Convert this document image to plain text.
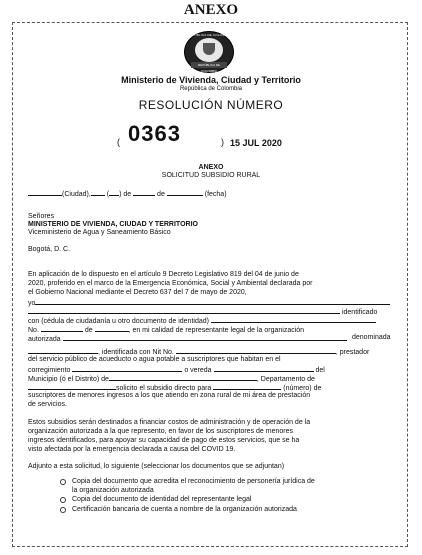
ANEXO
REPÚBLICA DE COLOMBIA
REPÚBLICA DE COLOMBIA
Ministerio de Vivienda, Ciudad y Territorio
República de Colombia
RESOLUCIÓN NÚMERO
( 0363	) 15 JUL 2020
ANEXO
SOLICITUD SUBSIDIO RURAL
(Ciudad), ( ) de	de	(fecha)
Señores
MINISTERIO DE VIVIENDA, CIUDAD Y TERRITORIO
Viceministerio de Agua y Saneamiento Básico
Bogotá, D. C.
En aplicación de lo dispuesto en el artículo 9 Decreto Legislativo 819 del 04 de junio de
2020, proferido en el marco de la Emergencia Económica, Social y Ambiental declarada por
el Gobierno Nacional mediante el Decreto 637 del 7 de mayo de 2020,
yo
identificado
con (cédula de ciudadanía u otro documento de identidad)
No.	de	, en mi calidad de representante legal de la organización
autorizada	denominada
, identificada con Nit No.	, prestador
del servicio público de acueducto o agua potable a suscriptores que habitan en el
corregimiento	o vereda	del
Municipio (ó el Distrito) de	, Departamento de
solicito el subsidio directo para	(número) de
suscriptores de menores ingresos a los que atiendo en zona rural de mi área de prestación
de servicios.
Estos subsidios serán destinados a financiar costos de administración y de operación de la
organización autorizada a la que represento, en favor de los suscriptores de menores
ingresos identificados, para apoyar su capacidad de pago de estos servicios, que se ha
visto afectada por la emergencia declarada a causa del COVID 19.
Adjunto a esta solicitud, lo siguiente (seleccionar los documentos que se adjuntan)
Copia del documento que acredita el reconocimiento de personería jurídica de
la organización autorizada
Copia del documento de identidad del representante legal
Certificación bancaria de cuenta a nombre de la organización autorizada
